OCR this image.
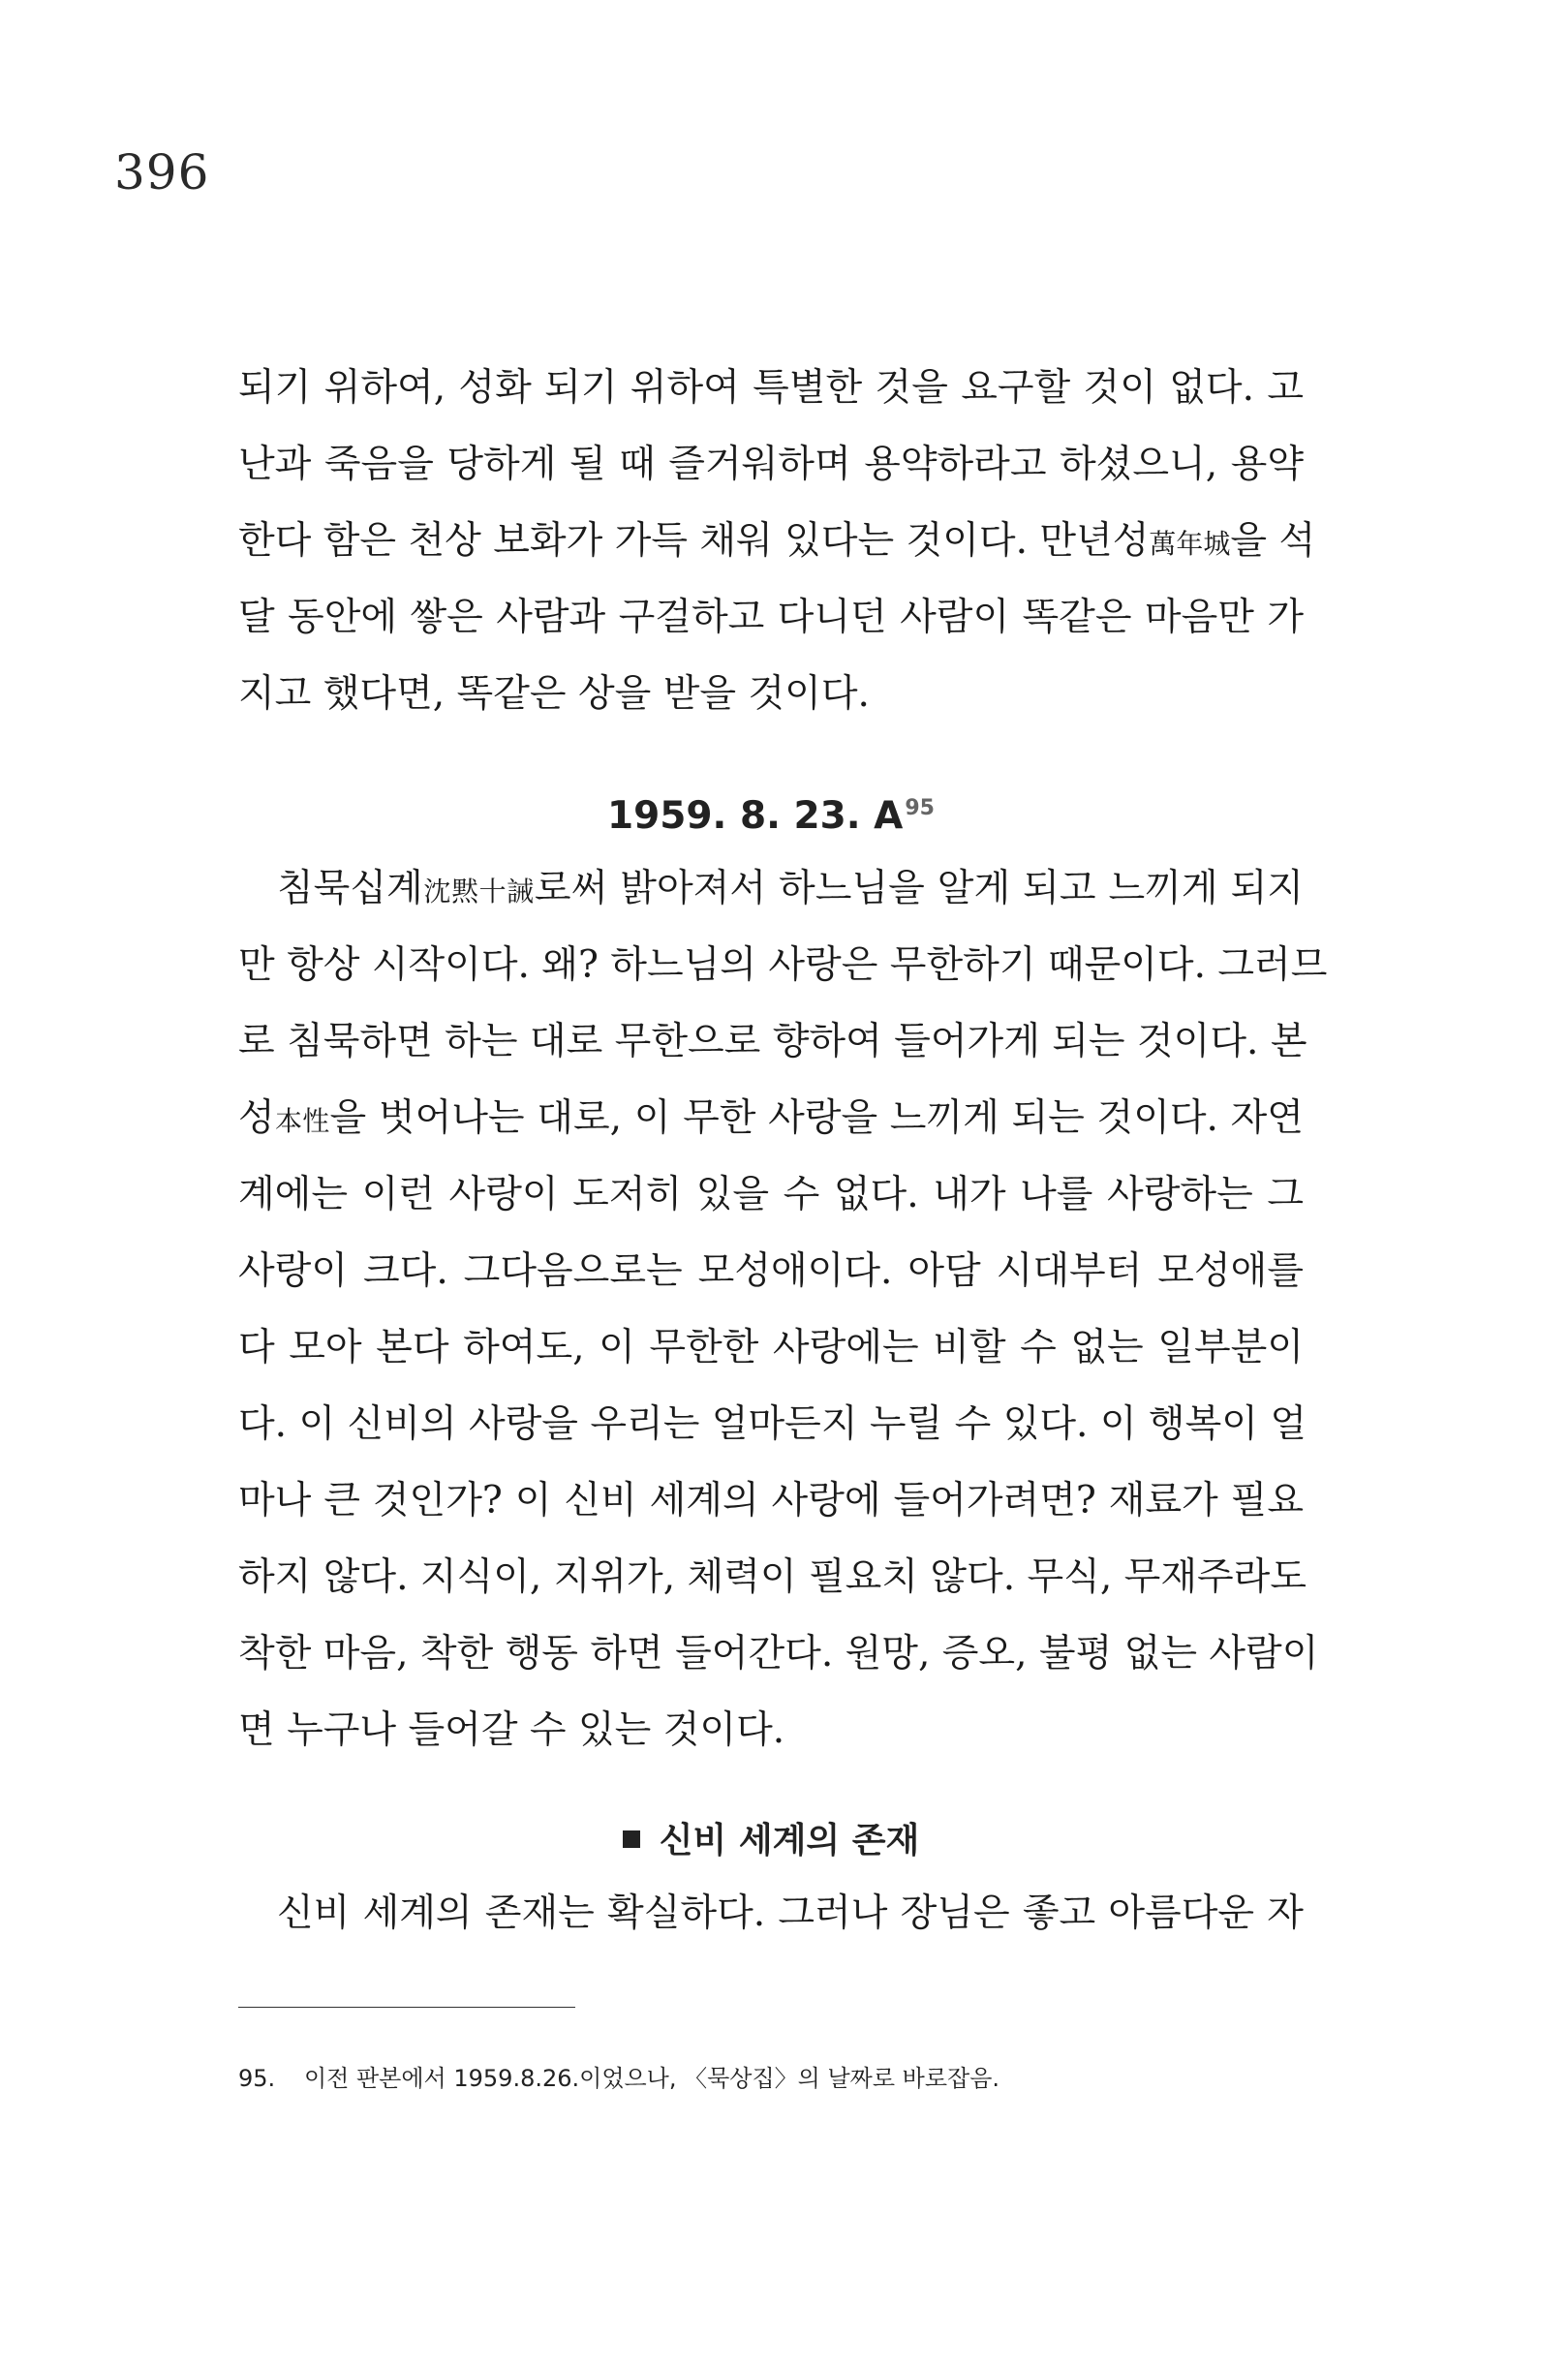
396
되기 위하여, 성화 되기 위하여 특별한 것을 요구할 것이 없다. 고
난과 죽음을 당하게 될 때 즐거워하며 용약하라고 하셨으니, 용약
한다 함은 천상 보화가 가득 채워 있다는 것이다. 만년성萬年城을 석
달 동안에 쌓은 사람과 구걸하고 다니던 사람이 똑같은 마음만 가
지고 했다면, 똑같은 상을 받을 것이다.
1959. 8. 23. A$^{95}$
침묵십계沈黙十誡로써 밝아져서 하느님을 알게 되고 느끼게 되지
만 항상 시작이다. 왜? 하느님의 사랑은 무한하기 때문이다. 그러므
로 침묵하면 하는 대로 무한으로 향하여 들어가게 되는 것이다. 본
성本性을 벗어나는 대로, 이 무한 사랑을 느끼게 되는 것이다. 자연
계에는 이런 사랑이 도저히 있을 수 없다. 내가 나를 사랑하는 그
사랑이 크다. 그다음으로는 모성애이다. 아담 시대부터 모성애를
다 모아 본다 하여도, 이 무한한 사랑에는 비할 수 없는 일부분이
다. 이 신비의 사랑을 우리는 얼마든지 누릴 수 있다. 이 행복이 얼
마나 큰 것인가? 이 신비 세계의 사랑에 들어가려면? 재료가 필요
하지 않다. 지식이, 지위가, 체력이 필요치 않다. 무식, 무재주라도
착한 마음, 착한 행동 하면 들어간다. 원망, 증오, 불평 없는 사람이
면 누구나 들어갈 수 있는 것이다.
신비 세계의 존재
신비 세계의 존재는 확실하다. 그러나 장님은 좋고 아름다운 자
95. 이전 판본에서 1959.8.26.이었으나, 〈묵상집〉의 날짜로 바로잡음.
